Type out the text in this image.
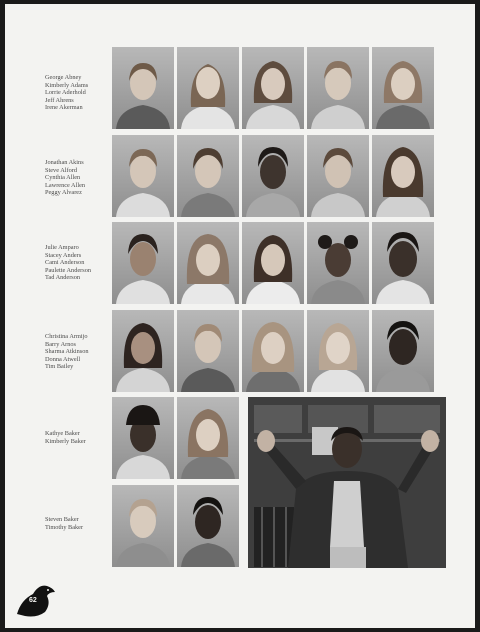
George Abney
Kimberly Adams
Lorrie Aderhold
Jeff Ahrens
Irene Akerman
Jonathan Akins
Steve Alford
Cynthia Allen
Lawrence Allen
Peggy Alvarez
Julie Amparo
Stacey Anders
Cami Anderson
Paulette Anderson
Tad Anderson
Christina Armijo
Barry Arnos
Sharma Atkinson
Donna Atwell
Tim Bailey
Kathye Baker
Kimberly Baker
Steven Baker
Timothy Baker
62
